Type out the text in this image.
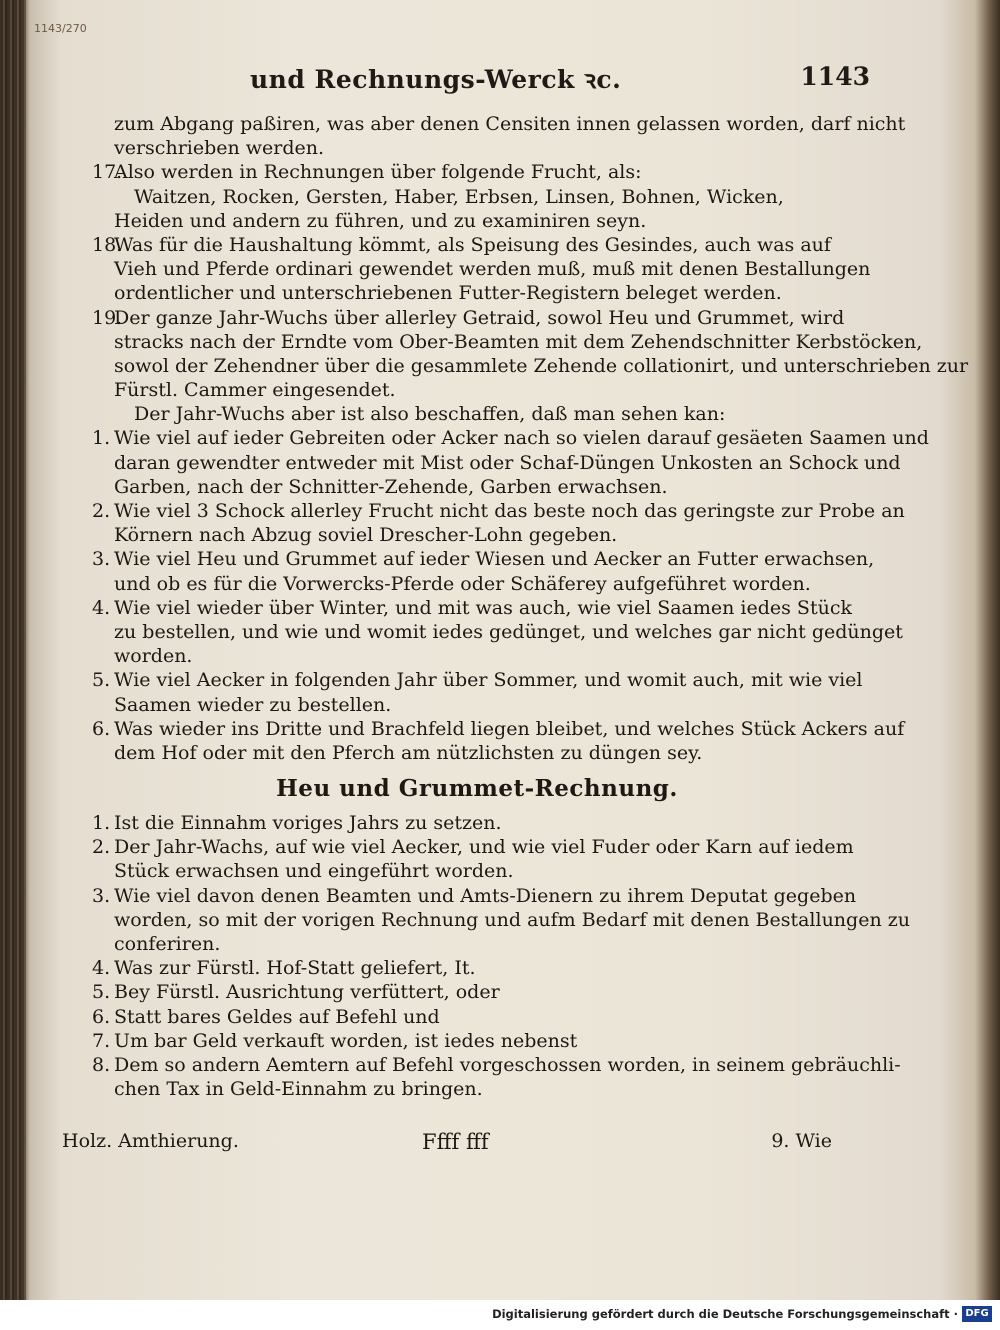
1143/270
und Rechnungs-Werck ꝛc.	1143
zum Abgang paßiren, was aber denen Censiten innen gelassen worden, darf nicht
verschrieben werden.
17.
Also werden in Rechnungen über folgende Frucht, als:
Waitzen, Rocken, Gersten, Haber, Erbsen, Linsen, Bohnen, Wicken,
Heiden und andern zu führen, und zu examiniren seyn.
18.
Was für die Haushaltung kömmt, als Speisung des Gesindes, auch was auf
Vieh und Pferde ordinari gewendet werden muß, muß mit denen Bestallungen
ordentlicher und unterschriebenen Futter-Registern beleget werden.
19.
Der ganze Jahr-Wuchs über allerley Getraid, sowol Heu und Grummet, wird
stracks nach der Erndte vom Ober-Beamten mit dem Zehendschnitter Kerbstöcken,
sowol der Zehendner über die gesammlete Zehende collationirt, und unterschrieben zur
Fürstl. Cammer eingesendet.
Der Jahr-Wuchs aber ist also beschaffen, daß man sehen kan:
1. Wie viel auf ieder Gebreiten oder Acker nach so vielen darauf gesäeten Saamen und
daran gewendter entweder mit Mist oder Schaf-Düngen Unkosten an Schock und
Garben, nach der Schnitter-Zehende, Garben erwachsen.
2. Wie viel 3 Schock allerley Frucht nicht das beste noch das geringste zur Probe an
Körnern nach Abzug soviel Drescher-Lohn gegeben.
3. Wie viel Heu und Grummet auf ieder Wiesen und Aecker an Futter erwachsen,
und ob es für die Vorwercks-Pferde oder Schäferey aufgeführet worden.
4. Wie viel wieder über Winter, und mit was auch, wie viel Saamen iedes Stück
zu bestellen, und wie und womit iedes gedünget, und welches gar nicht gedünget
worden.
5. Wie viel Aecker in folgenden Jahr über Sommer, und womit auch, mit wie viel
Saamen wieder zu bestellen.
6. Was wieder ins Dritte und Brachfeld liegen bleibet, und welches Stück Ackers auf
dem Hof oder mit den Pferch am nützlichsten zu düngen sey.
Heu und Grummet-Rechnung.
1. Ist die Einnahm voriges Jahrs zu setzen.
2. Der Jahr-Wachs, auf wie viel Aecker, und wie viel Fuder oder Karn auf iedem
Stück erwachsen und eingeführt worden.
3. Wie viel davon denen Beamten und Amts-Dienern zu ihrem Deputat gegeben
worden, so mit der vorigen Rechnung und aufm Bedarf mit denen Bestallungen zu
conferiren.
4. Was zur Fürstl. Hof-Statt geliefert, It.
5. Bey Fürstl. Ausrichtung verfüttert, oder
6. Statt bares Geldes auf Befehl und
7. Um bar Geld verkauft worden, ist iedes nebenst
8. Dem so andern Aemtern auf Befehl vorgeschossen worden, in seinem gebräuchli-
chen Tax in Geld-Einnahm zu bringen.
Holz. Amthierung.	Ffff fff	9. Wie
Digitalisierung gefördert durch die Deutsche Forschungsgemeinschaft · DFG
